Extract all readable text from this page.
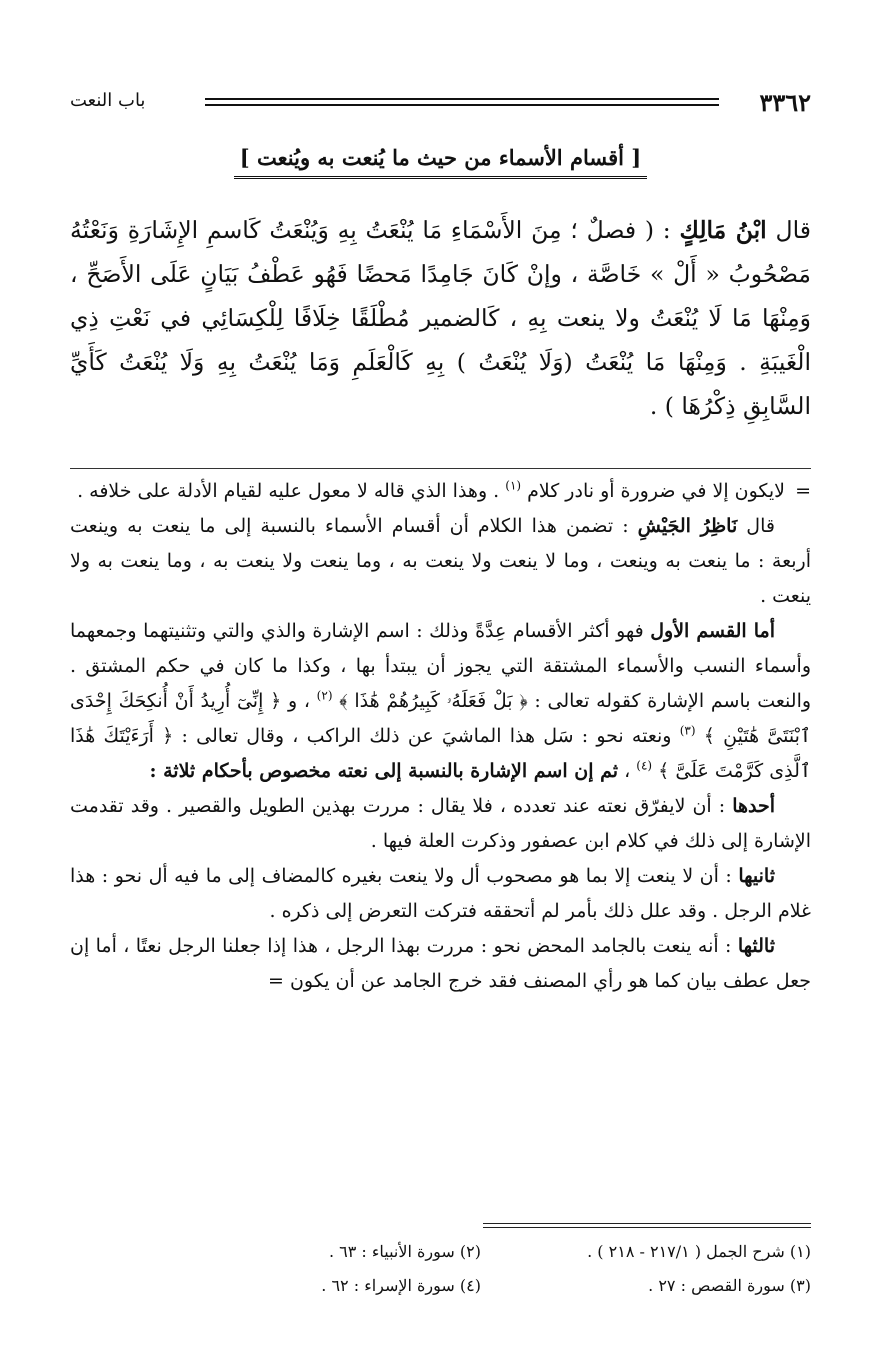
٣٣٦٢
باب النعت
[ أقسام الأسماء من حيث ما يُنعت به ويُنعت ]
قال ابْنُ مَالِكٍ : ( فصلٌ ؛ مِنَ الأَسْمَاءِ مَا يُنْعَتُ بِهِ وَيُنْعَتُ كَاسمِ الإِشَارَةِ وَنَعْتُهُ مَصْحُوبُ « أَلْ » خَاصَّة ، وإنْ كَانَ جَامِدًا مَحضًا فَهُو عَطْفُ بَيَانٍ عَلَى الأَصَحِّ ، وَمِنْهَا مَا لَا يُنْعَتُ ولا ينعت بِهِ ، كَالضمير مُطْلَقًا خِلَافًا لِلْكِسَائِي في نَعْتِ ذِي الْغَيبَةِ . وَمِنْهَا مَا يُنْعَتُ (وَلَا يُنْعَتُ ) بِهِ كَالْعَلَمِ وَمَا يُنْعَتُ بِهِ وَلَا يُنْعَتُ كَأَيِّ السَّابِقِ ذِكْرُهَا ) .

= لايكون إلا في ضرورة أو نادر كلام $^{(١)}$ . وهذا الذي قاله لا معول عليه لقيام الأدلة على خلافه .

قال نَاظِرُ الجَيْشِ : تضمن هذا الكلام أن أقسام الأسماء بالنسبة إلى ما ينعت به وينعت أربعة : ما ينعت به وينعت ، وما لا ينعت ولا ينعت به ، وما ينعت ولا ينعت به ، وما ينعت به ولا ينعت .

أما القسم الأول فهو أكثر الأقسام عِدَّةً وذلك : اسم الإشارة والذي والتي وتثنيتهما وجمعهما وأسماء النسب والأسماء المشتقة التي يجوز أن يبتدأ بها ، وكذا ما كان في حكم المشتق . والنعت باسم الإشارة كقوله تعالى : ﴿ بَلْ فَعَلَهُۥ كَبِيرُهُمْ هَٰذَا ﴾ $^{(٢)}$ ، و ﴿ إِنِّىٓ أُرِيدُ أَنْ أُنكِحَكَ إِحْدَى ٱبْنَتَىَّ هَٰتَيْنِ ﴾ $^{(٣)}$ ونعته نحو : سَل هذا الماشيَ عن ذلك الراكب ، وقال تعالى : ﴿ أَرَءَيْتَكَ هَٰذَا ٱلَّذِى كَرَّمْتَ عَلَىَّ ﴾ $^{(٤)}$ ، ثم إن اسم الإشارة بالنسبة إلى نعته مخصوص بأحكام ثلاثة :

أحدها : أن لايفرّق نعته عند تعدده ، فلا يقال : مررت بهذين الطويل والقصير . وقد تقدمت الإشارة إلى ذلك في كلام ابن عصفور وذكرت العلة فيها .

ثانيها : أن لا ينعت إلا بما هو مصحوب أل ولا ينعت بغيره كالمضاف إلى ما فيه أل نحو : هذا غلام الرجل . وقد علل ذلك بأمر لم أتحققه فتركت التعرض إلى ذكره .

ثالثها : أنه ينعت بالجامد المحض نحو : مررت بهذا الرجل ، هذا إذا جعلنا الرجل نعتًا ، أما إن جعل عطف بيان كما هو رأي المصنف فقد خرج الجامد عن أن يكون =

(١) شرح الجمل ( ٢١٧/١ - ٢١٨ ) .
(٢) سورة الأنبياء : ٦٣ .
(٣) سورة القصص : ٢٧ .
(٤) سورة الإسراء : ٦٢ .
